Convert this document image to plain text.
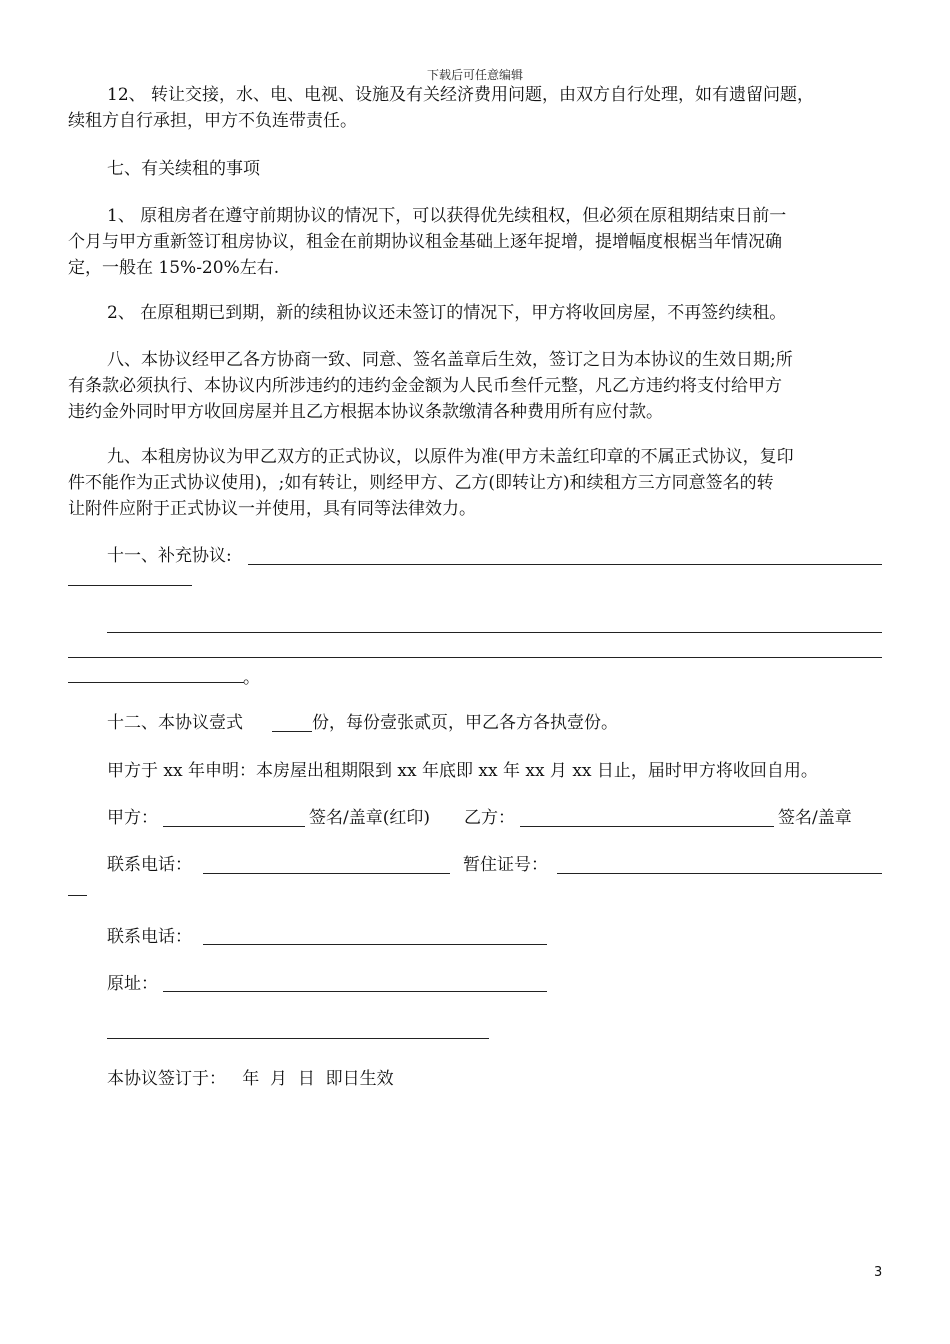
下载后可任意编辑
12、 转让交接，水、电、电视、设施及有关经济费用问题，由双方自行处理，如有遗留问题，
续租方自行承担，甲方不负连带责任。
七、有关续租的事项
1、 原租房者在遵守前期协议的情况下，可以获得优先续租权，但必须在原租期结束日前一
个月与甲方重新签订租房协议，租金在前期协议租金基础上逐年捉增，提增幅度根椐当年情况确
定，一般在 15%-20%左右.
2、 在原租期已到期，新的续租协议还未签订的情况下，甲方将收回房屋，不再签约续租。
八、本协议经甲乙各方协商一致、同意、签名盖章后生效，签订之日为本协议的生效日期;所
有条款必须执行、本协议内所涉违约的违约金金额为人民币叁仟元整，凡乙方违约将支付给甲方
违约金外同时甲方收回房屋并且乙方根据本协议条款缴清各种费用所有应付款。
九、本租房协议为甲乙双方的正式协议，以原件为准(甲方未盖红印章的不属正式协议，复印
件不能作为正式协议使用)，;如有转让，则经甲方、乙方(即转让方)和续租方三方同意签名的转
让附件应附于正式协议一并使用，具有同等法律效力。
十一、补充协议:
。
十二、本协议壹式	份，每份壹张贰页，甲乙各方各执壹份。
甲方于 xx 年申明：本房屋出租期限到 xx 年底即 xx 年 xx 月 xx 日止，届时甲方将收回自用。
甲方：	签名/盖章(红印)	乙方：	签名/盖章
联系电话：	暂住证号：
联系电话：
原址：
本协议签订于：   年  月  日  即日生效
3
